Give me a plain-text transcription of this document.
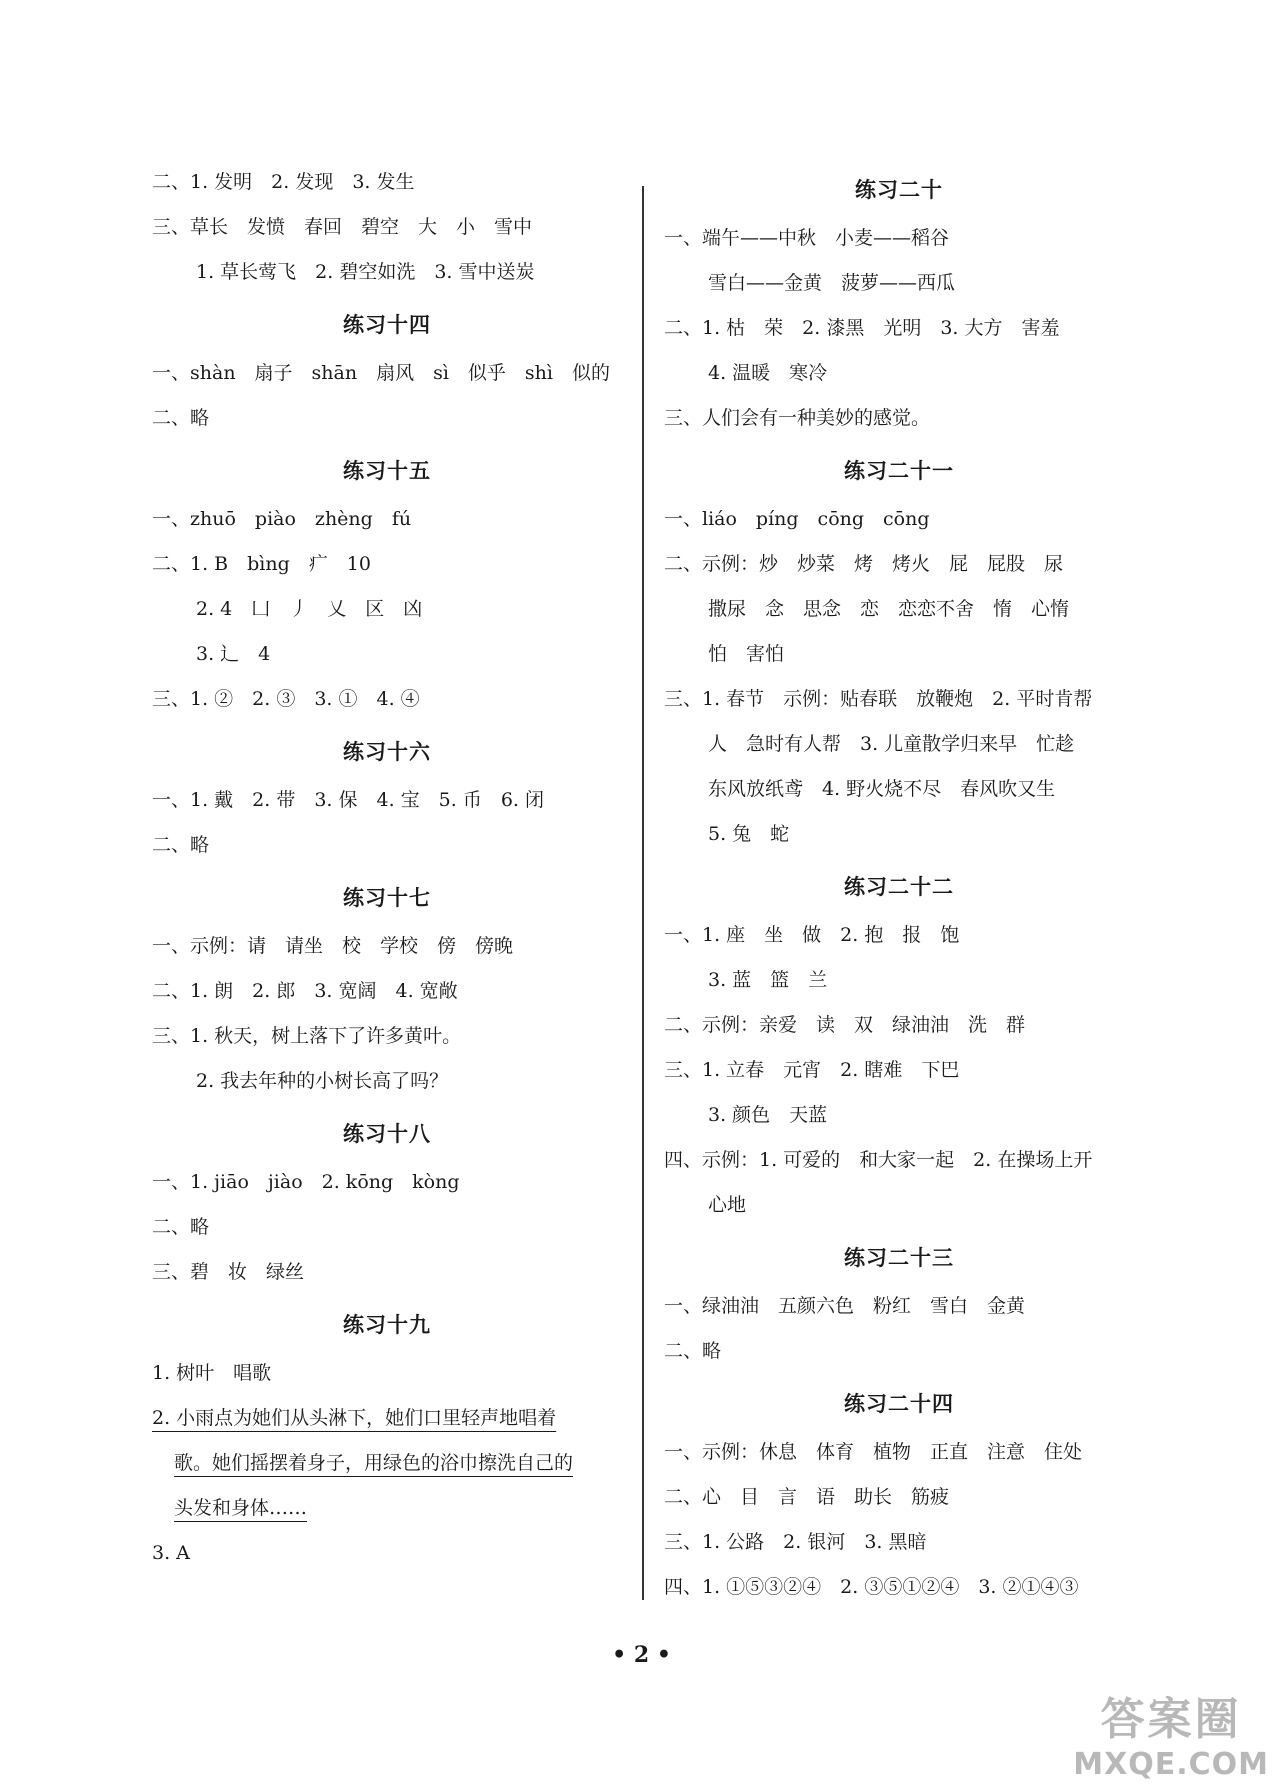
二、1. 发明　2. 发现　3. 发生
三、草长　发愤　春回　碧空　大　小　雪中
1. 草长莺飞　2. 碧空如洗　3. 雪中送炭
练习十四
一、shàn　扇子　shān　扇风　sì　似乎　shì　似的
二、略
练习十五
一、zhuō　piào　zhèng　fú
二、1. B　bìng　疒　10
2. 4　凵　丿　乂　区　凶
3. 辶　4
三、1. ②　2. ③　3. ①　4. ④
练习十六
一、1. 戴　2. 带　3. 保　4. 宝　5. 币　6. 闭
二、略
练习十七
一、示例：请　请坐　校　学校　傍　傍晚
二、1. 朗　2. 郎　3. 宽阔　4. 宽敞
三、1. 秋天，树上落下了许多黄叶。
2. 我去年种的小树长高了吗？
练习十八
一、1. jiāo　jiào　2. kōng　kòng
二、略
三、碧　妆　绿丝
练习十九
1. 树叶　唱歌
2. 小雨点为她们从头淋下，她们口里轻声地唱着
歌。她们摇摆着身子，用绿色的浴巾擦洗自己的
头发和身体……
3. A
练习二十
一、端午——中秋　小麦——稻谷
雪白——金黄　菠萝——西瓜
二、1. 枯　荣　2. 漆黑　光明　3. 大方　害羞
4. 温暖　寒冷
三、人们会有一种美妙的感觉。
练习二十一
一、liáo　píng　cōng　cōng
二、示例：炒　炒菜　烤　烤火　屁　屁股　尿
撒尿　念　思念　恋　恋恋不舍　惰　心惰
怕　害怕
三、1. 春节　示例：贴春联　放鞭炮　2. 平时肯帮
人　急时有人帮　3. 儿童散学归来早　忙趁
东风放纸鸢　4. 野火烧不尽　春风吹又生
5. 兔　蛇
练习二十二
一、1. 座　坐　做　2. 抱　报　饱
3. 蓝　篮　兰
二、示例：亲爱　读　双　绿油油　洗　群
三、1. 立春　元宵　2. 瞎难　下巴
3. 颜色　天蓝
四、示例：1. 可爱的　和大家一起　2. 在操场上开
心地
练习二十三
一、绿油油　五颜六色　粉红　雪白　金黄
二、略
练习二十四
一、示例：休息　体育　植物　正直　注意　住处
二、心　目　言　语　助长　筋疲
三、1. 公路　2. 银河　3. 黑暗
四、1. ①⑤③②④　2. ③⑤①②④　3. ②①④③
• 2 •
答案圈
MXQE.COM
